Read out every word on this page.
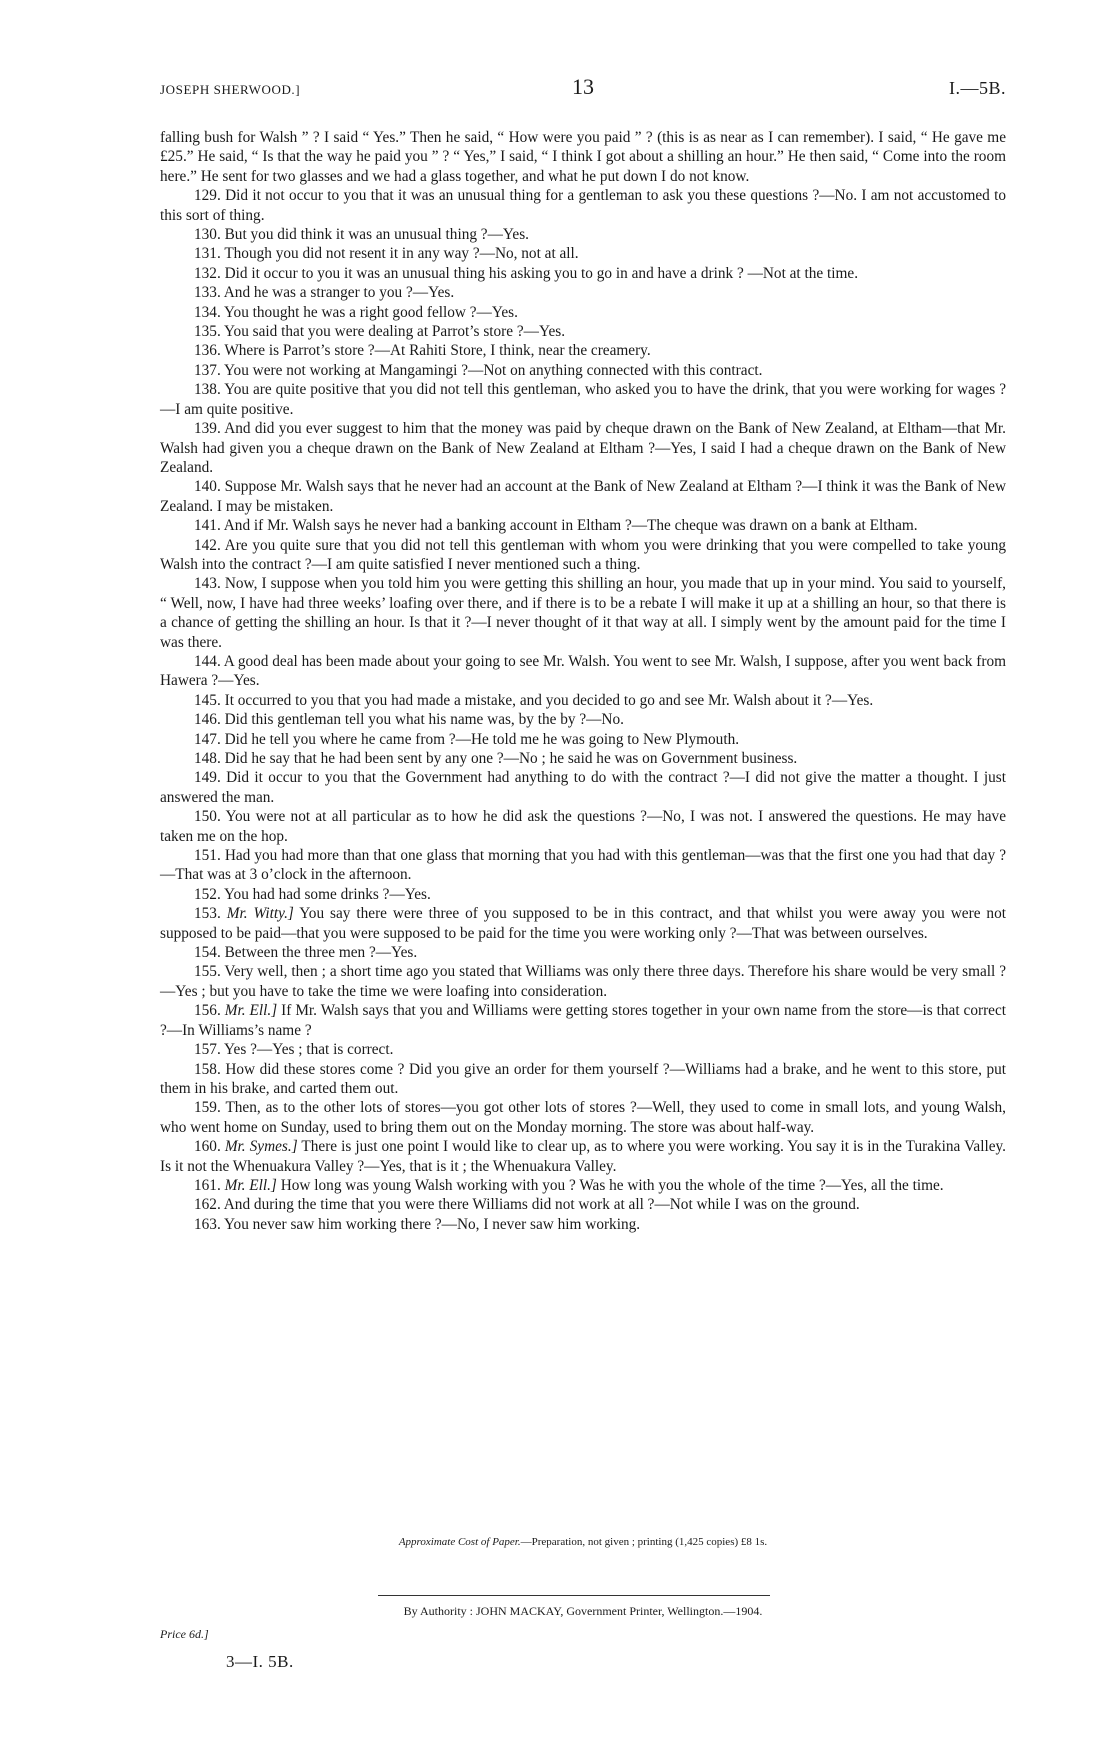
JOSEPH SHERWOOD.]	13	I.—5B.

falling bush for Walsh ” ? I said “ Yes.” Then he said, “ How were you paid ” ? (this is as near as I can remember). I said, “ He gave me £25.” He said, “ Is that the way he paid you ” ? “ Yes,” I said, “ I think I got about a shilling an hour.” He then said, “ Come into the room here.” He sent for two glasses and we had a glass together, and what he put down I do not know.

129. Did it not occur to you that it was an unusual thing for a gentleman to ask you these questions ?—No. I am not accustomed to this sort of thing.

130. But you did think it was an unusual thing ?—Yes.

131. Though you did not resent it in any way ?—No, not at all.

132. Did it occur to you it was an unusual thing his asking you to go in and have a drink ? —Not at the time.

133. And he was a stranger to you ?—Yes.

134. You thought he was a right good fellow ?—Yes.

135. You said that you were dealing at Parrot’s store ?—Yes.

136. Where is Parrot’s store ?—At Rahiti Store, I think, near the creamery.

137. You were not working at Mangamingi ?—Not on anything connected with this contract.

138. You are quite positive that you did not tell this gentleman, who asked you to have the drink, that you were working for wages ?—I am quite positive.

139. And did you ever suggest to him that the money was paid by cheque drawn on the Bank of New Zealand, at Eltham—that Mr. Walsh had given you a cheque drawn on the Bank of New Zealand at Eltham ?—Yes, I said I had a cheque drawn on the Bank of New Zealand.

140. Suppose Mr. Walsh says that he never had an account at the Bank of New Zealand at Eltham ?—I think it was the Bank of New Zealand. I may be mistaken.

141. And if Mr. Walsh says he never had a banking account in Eltham ?—The cheque was drawn on a bank at Eltham.

142. Are you quite sure that you did not tell this gentleman with whom you were drinking that you were compelled to take young Walsh into the contract ?—I am quite satisfied I never mentioned such a thing.

143. Now, I suppose when you told him you were getting this shilling an hour, you made that up in your mind. You said to yourself, “ Well, now, I have had three weeks’ loafing over there, and if there is to be a rebate I will make it up at a shilling an hour, so that there is a chance of getting the shilling an hour. Is that it ?—I never thought of it that way at all. I simply went by the amount paid for the time I was there.

144. A good deal has been made about your going to see Mr. Walsh. You went to see Mr. Walsh, I suppose, after you went back from Hawera ?—Yes.

145. It occurred to you that you had made a mistake, and you decided to go and see Mr. Walsh about it ?—Yes.

146. Did this gentleman tell you what his name was, by the by ?—No.

147. Did he tell you where he came from ?—He told me he was going to New Plymouth.

148. Did he say that he had been sent by any one ?—No ; he said he was on Government business.

149. Did it occur to you that the Government had anything to do with the contract ?—I did not give the matter a thought. I just answered the man.

150. You were not at all particular as to how he did ask the questions ?—No, I was not. I answered the questions. He may have taken me on the hop.

151. Had you had more than that one glass that morning that you had with this gentleman—was that the first one you had that day ?—That was at 3 o’clock in the afternoon.

152. You had had some drinks ?—Yes.

153. Mr. Witty.] You say there were three of you supposed to be in this contract, and that whilst you were away you were not supposed to be paid—that you were supposed to be paid for the time you were working only ?—That was between ourselves.

154. Between the three men ?—Yes.

155. Very well, then ; a short time ago you stated that Williams was only there three days. Therefore his share would be very small ?—Yes ; but you have to take the time we were loafing into consideration.

156. Mr. Ell.] If Mr. Walsh says that you and Williams were getting stores together in your own name from the store—is that correct ?—In Williams’s name ?

157. Yes ?—Yes ; that is correct.

158. How did these stores come ? Did you give an order for them yourself ?—Williams had a brake, and he went to this store, put them in his brake, and carted them out.

159. Then, as to the other lots of stores—you got other lots of stores ?—Well, they used to come in small lots, and young Walsh, who went home on Sunday, used to bring them out on the Monday morning. The store was about half-way.

160. Mr. Symes.] There is just one point I would like to clear up, as to where you were working. You say it is in the Turakina Valley. Is it not the Whenuakura Valley ?—Yes, that is it ; the Whenuakura Valley.

161. Mr. Ell.] How long was young Walsh working with you ? Was he with you the whole of the time ?—Yes, all the time.

162. And during the time that you were there Williams did not work at all ?—Not while I was on the ground.

163. You never saw him working there ?—No, I never saw him working.

Approximate Cost of Paper.—Preparation, not given ; printing (1,425 copies) £8 1s.
By Authority : JOHN MACKAY, Government Printer, Wellington.—1904.
Price 6d.]
3—I. 5B.
